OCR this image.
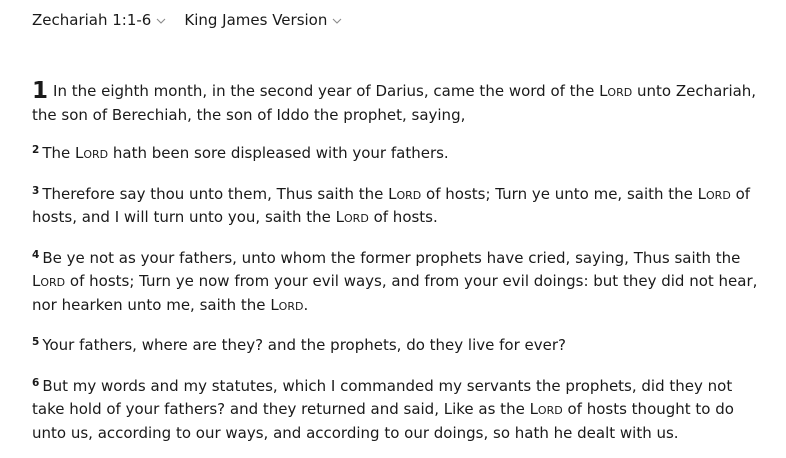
Zechariah 1:1-6 King James Version

1 In the eighth month, in the second year of Darius, came the word of the Lord unto Zechariah, the son of Berechiah, the son of Iddo the prophet, saying,

$^2$ The Lord hath been sore displeased with your fathers.

$^3$ Therefore say thou unto them, Thus saith the Lord of hosts; Turn ye unto me, saith the Lord of hosts, and I will turn unto you, saith the Lord of hosts.

$^4$ Be ye not as your fathers, unto whom the former prophets have cried, saying, Thus saith the Lord of hosts; Turn ye now from your evil ways, and from your evil doings: but they did not hear, nor hearken unto me, saith the Lord.

$^5$ Your fathers, where are they? and the prophets, do they live for ever?

$^6$ But my words and my statutes, which I commanded my servants the prophets, did they not take hold of your fathers? and they returned and said, Like as the Lord of hosts thought to do unto us, according to our ways, and according to our doings, so hath he dealt with us.
